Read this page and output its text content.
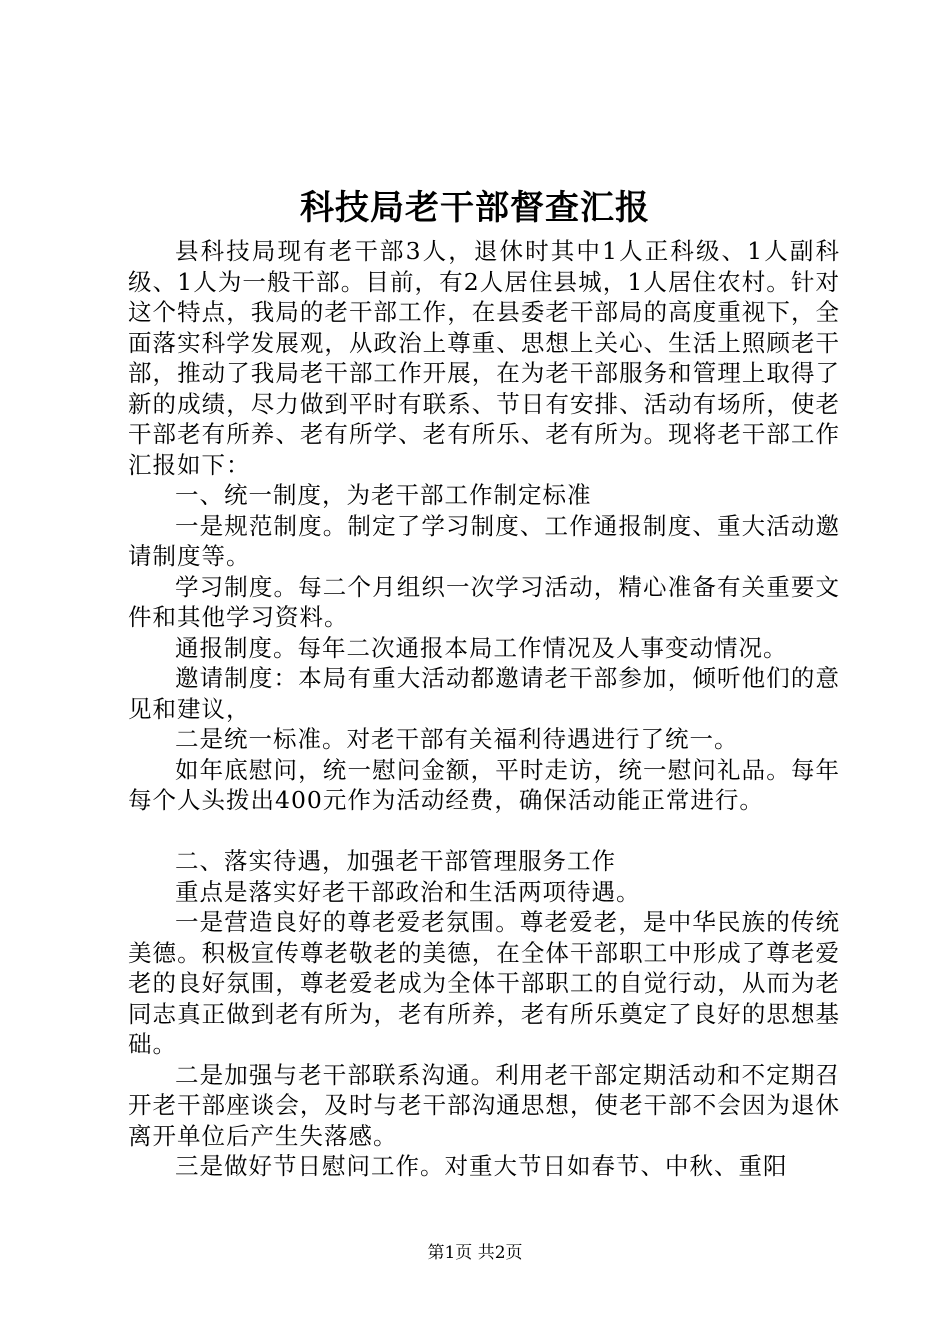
科技局老干部督查汇报

县科技局现有老干部3人，退休时其中1人正科级、1人副科级、1人为一般干部。目前，有2人居住县城，1人居住农村。针对这个特点，我局的老干部工作，在县委老干部局的高度重视下，全面落实科学发展观，从政治上尊重、思想上关心、生活上照顾老干部，推动了我局老干部工作开展，在为老干部服务和管理上取得了新的成绩，尽力做到平时有联系、节日有安排、活动有场所，使老干部老有所养、老有所学、老有所乐、老有所为。现将老干部工作汇报如下：

一、统一制度，为老干部工作制定标准

一是规范制度。制定了学习制度、工作通报制度、重大活动邀请制度等。

学习制度。每二个月组织一次学习活动，精心准备有关重要文件和其他学习资料。

通报制度。每年二次通报本局工作情况及人事变动情况。

邀请制度：本局有重大活动都邀请老干部参加，倾听他们的意见和建议，

二是统一标准。对老干部有关福利待遇进行了统一。

如年底慰问，统一慰问金额，平时走访，统一慰问礼品。每年每个人头拨出400元作为活动经费，确保活动能正常进行。

二、落实待遇，加强老干部管理服务工作

重点是落实好老干部政治和生活两项待遇。

一是营造良好的尊老爱老氛围。尊老爱老，是中华民族的传统美德。积极宣传尊老敬老的美德，在全体干部职工中形成了尊老爱老的良好氛围，尊老爱老成为全体干部职工的自觉行动，从而为老同志真正做到老有所为，老有所养，老有所乐奠定了良好的思想基础。

二是加强与老干部联系沟通。利用老干部定期活动和不定期召开老干部座谈会，及时与老干部沟通思想，使老干部不会因为退休离开单位后产生失落感。

三是做好节日慰问工作。对重大节日如春节、中秋、重阳

第1页 共2页
